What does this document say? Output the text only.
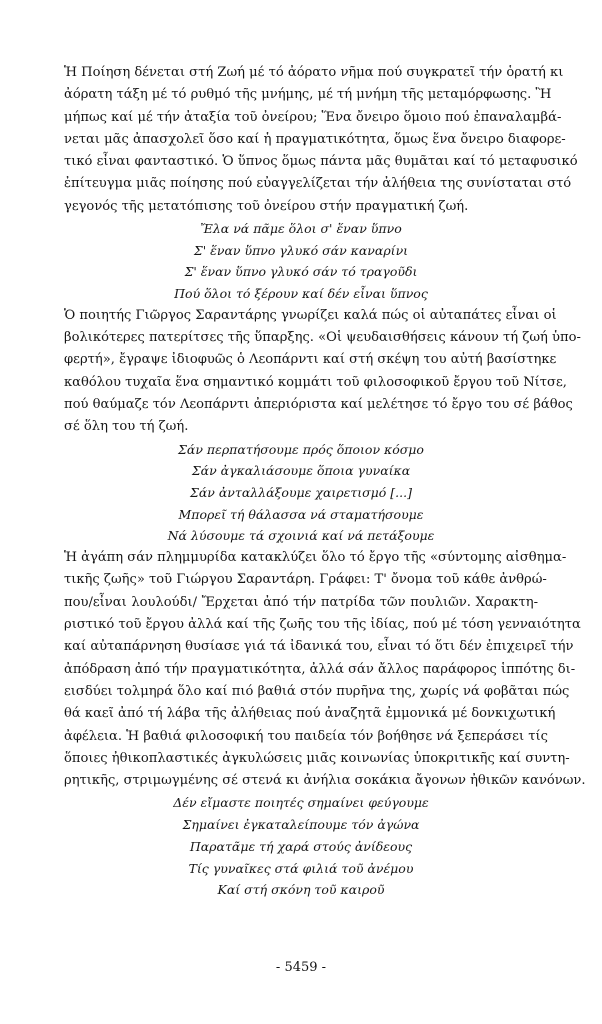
Ἡ Ποίηση δένεται στή Ζωή μέ τό ἀόρατο νῆμα πού συγκρατεῖ τήν ὁρατή κι
ἀόρατη τάξη μέ τό ρυθμό τῆς μνήμης, μέ τή μνήμη τῆς μεταμόρφωσης. Ἢ
μήπως καί μέ τήν ἀταξία τοῦ ὀνείρου; Ἕνα ὄνειρο ὅμοιο πού ἐπαναλαμβά-
νεται μᾶς ἀπασχολεῖ ὅσο καί ἡ πραγματικότητα, ὅμως ἕνα ὄνειρο διαφορε-
τικό εἶναι φανταστικό. Ὁ ὕπνος ὅμως πάντα μᾶς θυμᾶται καί τό μεταφυσικό
ἐπίτευγμα μιᾶς ποίησης πού εὐαγγελίζεται τήν ἀλήθεια της συνίσταται στό
γεγονός τῆς μετατόπισης τοῦ ὀνείρου στήν πραγματική ζωή.
Ἔλα νά πᾶμε ὅλοι σ' ἕναν ὕπνο
Σ' ἕναν ὕπνο γλυκό σάν καναρίνι
Σ' ἕναν ὕπνο γλυκό σάν τό τραγοῦδι
Πού ὅλοι τό ξέρουν καί δέν εἶναι ὕπνος
Ὁ ποιητής Γιῶργος Σαραντάρης γνωρίζει καλά πώς οἱ αὐταπάτες εἶναι οἱ
βολικότερες πατερίτσες τῆς ὕπαρξης. «Οἱ ψευδαισθήσεις κάνουν τή ζωή ὑπο-
φερτή», ἔγραψε ἰδιοφυῶς ὁ Λεοπάρντι καί στή σκέψη του αὐτή βασίστηκε
καθόλου τυχαῖα ἕνα σημαντικό κομμάτι τοῦ φιλοσοφικοῦ ἔργου τοῦ Νίτσε,
πού θαύμαζε τόν Λεοπάρντι ἀπεριόριστα καί μελέτησε τό ἔργο του σέ βάθος
σέ ὅλη του τή ζωή.
Σάν περπατήσουμε πρός ὅποιον κόσμο
Σάν ἀγκαλιάσουμε ὅποια γυναίκα
Σάν ἀνταλλάξουμε χαιρετισμό [...]
Μπορεῖ τή θάλασσα νά σταματήσουμε
Νά λύσουμε τά σχοινιά καί νά πετάξουμε
Ἡ ἀγάπη σάν πλημμυρίδα κατακλύζει ὅλο τό ἔργο τῆς «σύντομης αἰσθημα-
τικῆς ζωῆς» τοῦ Γιώργου Σαραντάρη. Γράφει: Τ' ὄνομα τοῦ κάθε ἀνθρώ-
που/εἶναι λουλούδι/ Ἔρχεται ἀπό τήν πατρίδα τῶν πουλιῶν. Χαρακτη-
ριστικό τοῦ ἔργου ἀλλά καί τῆς ζωῆς του τῆς ἰδίας, πού μέ τόση γενναιότητα
καί αὐταπάρνηση θυσίασε γιά τά ἰδανικά του, εἶναι τό ὅτι δέν ἐπιχειρεῖ τήν
ἀπόδραση ἀπό τήν πραγματικότητα, ἀλλά σάν ἄλλος παράφορος ἱππότης δι-
εισδύει τολμηρά ὅλο καί πιό βαθιά στόν πυρῆνα της, χωρίς νά φοβᾶται πώς
θά καεῖ ἀπό τή λάβα τῆς ἀλήθειας πού ἀναζητᾶ ἐμμονικά μέ δονκιχωτική
ἀφέλεια. Ἡ βαθιά φιλοσοφική του παιδεία τόν βοήθησε νά ξεπεράσει τίς
ὅποιες ἠθικοπλαστικές ἀγκυλώσεις μιᾶς κοινωνίας ὑποκριτικῆς καί συντη-
ρητικῆς, στριμωγμένης σέ στενά κι ἀνήλια σοκάκια ἄγονων ἠθικῶν κανόνων.
Δέν εἴμαστε ποιητές σημαίνει φεύγουμε
Σημαίνει ἐγκαταλείπουμε τόν ἀγώνα
Παρατᾶμε τή χαρά στούς ἀνίδεους
Τίς γυναῖκες στά φιλιά τοῦ ἀνέμου
Καί στή σκόνη τοῦ καιροῦ
- 5459 -
